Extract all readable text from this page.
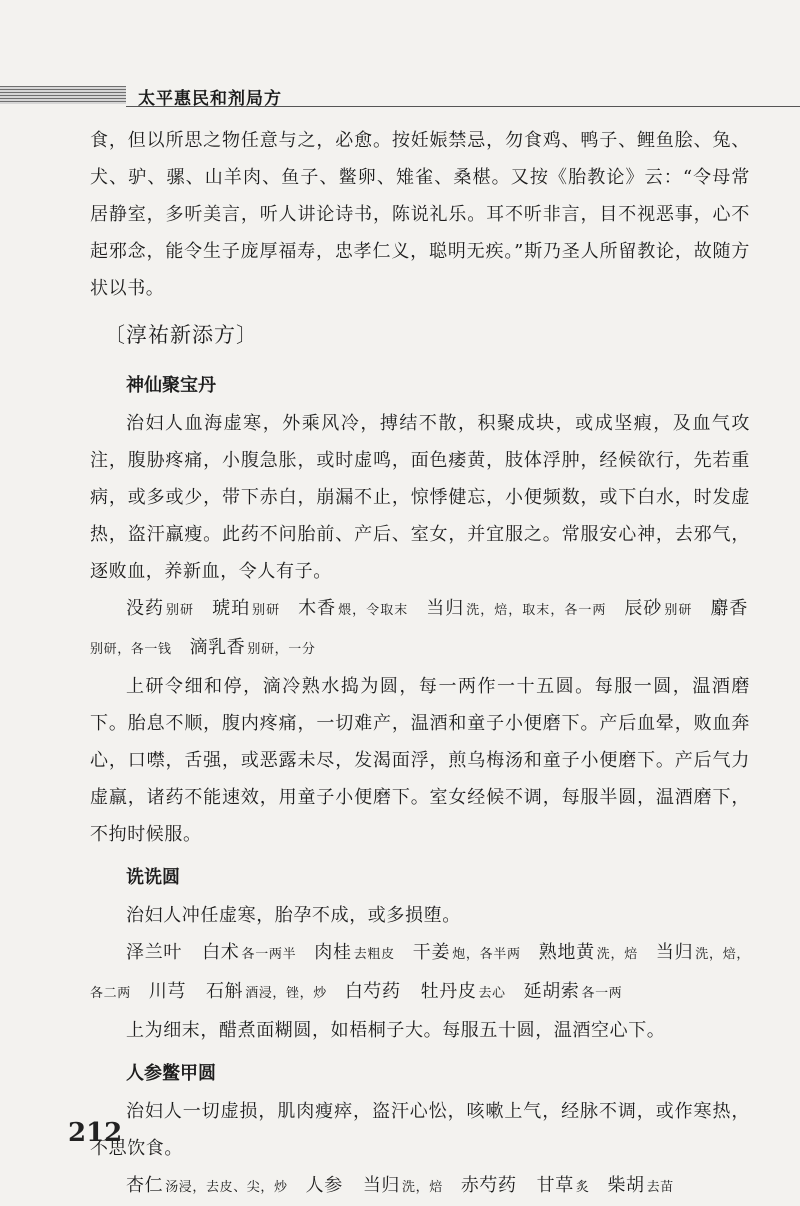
太平惠民和剂局方

食，但以所思之物任意与之，必愈。按妊娠禁忌，勿食鸡、鸭子、鲤鱼脍、兔、犬、驴、骡、山羊肉、鱼子、鳖卵、雉雀、桑椹。又按《胎教论》云：“令母常居静室，多听美言，听人讲论诗书，陈说礼乐。耳不听非言，目不视恶事，心不起邪念，能令生子庞厚福寿，忠孝仁义，聪明无疾。”斯乃圣人所留教论，故随方状以书。

〔淳祐新添方〕
神仙聚宝丹

治妇人血海虚寒，外乘风冷，搏结不散，积聚成块，或成坚瘕，及血气攻注，腹胁疼痛，小腹急胀，或时虚鸣，面色痿黄，肢体浮肿，经候欲行，先若重病，或多或少，带下赤白，崩漏不止，惊悸健忘，小便频数，或下白水，时发虚热，盗汗羸瘦。此药不问胎前、产后、室女，并宜服之。常服安心神，去邪气，逐败血，养新血，令人有子。

没药 别研 琥珀 别研 木香 煨，令取末 当归 洗，焙，取末，各一两 辰砂 别研 麝香别研，各一钱 滴乳香 别研，一分

上研令细和停，滴冷熟水捣为圆，每一两作一十五圆。每服一圆，温酒磨下。胎息不顺，腹内疼痛，一切难产，温酒和童子小便磨下。产后血晕，败血奔心，口噤，舌强，或恶露未尽，发渴面浮，煎乌梅汤和童子小便磨下。产后气力虚羸，诸药不能速效，用童子小便磨下。室女经候不调，每服半圆，温酒磨下，不拘时候服。

诜诜圆

治妇人冲任虚寒，胎孕不成，或多损堕。

泽兰叶 白术 各一两半 肉桂 去粗皮 干姜 炮，各半两 熟地黄 洗，焙 当归 洗，焙，各二两 川芎 石斛 酒浸，锉，炒 白芍药 牡丹皮 去心 延胡索 各一两

上为细末，醋煮面糊圆，如梧桐子大。每服五十圆，温酒空心下。

人参鳖甲圆

治妇人一切虚损，肌肉瘦瘁，盗汗心忪，咳嗽上气，经脉不调，或作寒热，不思饮食。

杏仁 汤浸，去皮、尖，炒 人参 当归 洗，焙 赤芍药 甘草 炙 柴胡 去苗

212
